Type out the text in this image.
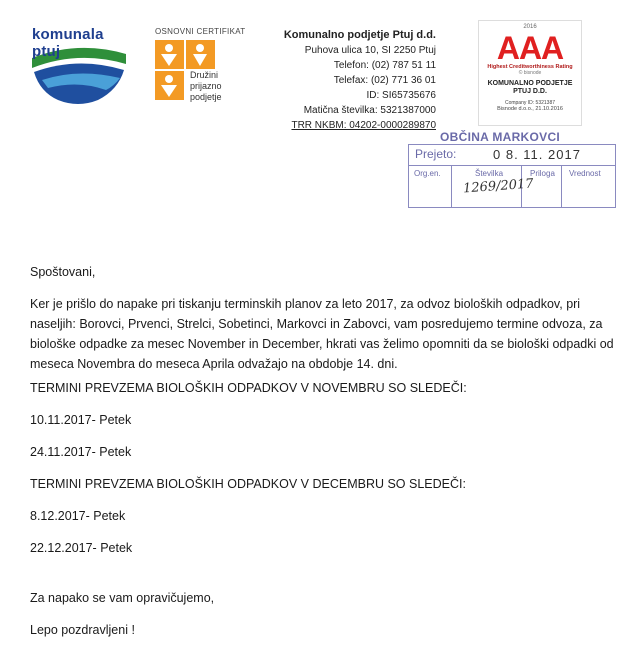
komunala ptuj
OSNOVNI CERTIFIKAT
Družini
prijazno
podjetje
Komunalno podjetje Ptuj d.d.
Puhova ulica 10, SI 2250 Ptuj
Telefon: (02) 787 51 11
Telefax: (02) 771 36 01
ID: SI65735676
Matična številka: 5321387000
TRR NKBM: 04202-0000289870
2016
AAA
Highest Creditworthiness Rating
© bisnode
KOMUNALNO PODJETJE PTUJ D.D.
Company ID: 5321387
Bisnode d.o.o., 21.10.2016
OBČINA MARKOVCI
Prejeto:	0 8. 11. 2017
Org.en.	Številka	Priloga Vrednost
1269/2017
Spoštovani,
Ker je prišlo do napake pri tiskanju terminskih planov za leto 2017, za odvoz bioloških odpadkov, pri naseljih: Borovci, Prvenci, Strelci, Sobetinci, Markovci in Zabovci, vam posredujemo termine odvoza, za biološke odpadke za mesec November in December, hkrati vas želimo opomniti da se biološki odpadki od meseca Novembra do meseca Aprila odvažajo na obdobje 14. dni.
TERMINI PREVZEMA BIOLOŠKIH ODPADKOV V NOVEMBRU SO SLEDEČI:
10.11.2017- Petek
24.11.2017- Petek
TERMINI PREVZEMA BIOLOŠKIH ODPADKOV V DECEMBRU SO SLEDEČI:
8.12.2017- Petek
22.12.2017- Petek
Za napako se vam opravičujemo,
Lepo pozdravljeni !
